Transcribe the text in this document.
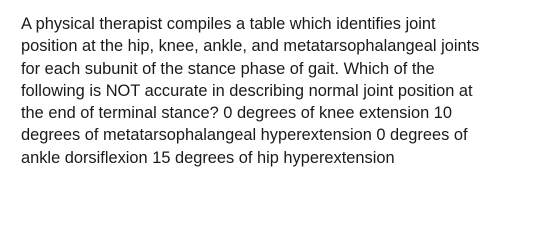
A physical therapist compiles a table which identifies joint
position at the hip, knee, ankle, and metatarsophalangeal joints
for each subunit of the stance phase of gait. Which of the
following is NOT accurate in describing normal joint position at
the end of terminal stance? 0 degrees of knee extension 10
degrees of metatarsophalangeal hyperextension 0 degrees of
ankle dorsiflexion 15 degrees of hip hyperextension
